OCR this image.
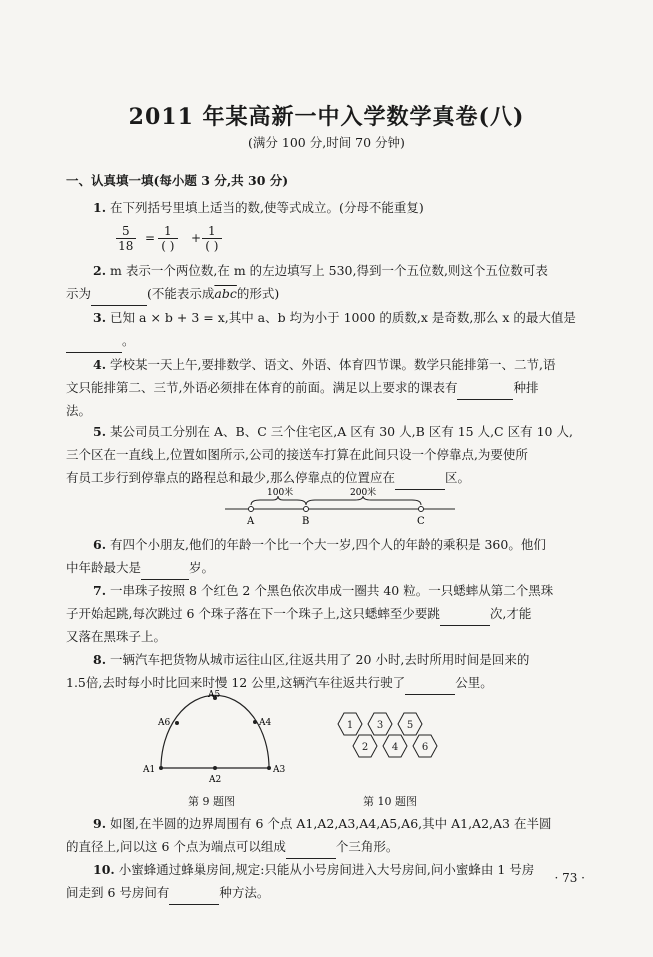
2011 年某高新一中入学数学真卷(八)
(满分 100 分,时间 70 分钟)
一、认真填一填(每小题 3 分,共 30 分)
1. 在下列括号里填上适当的数,使等式成立。(分母不能重复)
$\frac{5}{18} = 1$
( )
+ 1
( )
2. m 表示一个两位数,在 m 的左边填写上 530,得到一个五位数,则这个五位数可表
示为	(不能表示成$\overline{abc}$的形式)
3. 已知 a × b + 3 = x,其中 a、b 均为小于 1000 的质数,x 是奇数,那么 x 的最大值是
。
4. 学校某一天上午,要排数学、语文、外语、体育四节课。数学只能排第一、二节,语
文只能排第二、三节,外语必须排在体育的前面。满足以上要求的课表有	种排
法。
5. 某公司员工分别在 A、B、C 三个住宅区,A 区有 30 人,B 区有 15 人,C 区有 10 人,
三个区在一直线上,位置如图所示,公司的接送车打算在此间只设一个停靠点,为要使所
有员工步行到停靠点的路程总和最少,那么停靠点的位置应在	区。
100米	200米
A	B	C
6. 有四个小朋友,他们的年龄一个比一个大一岁,四个人的年龄的乘积是 360。他们
中年龄最大是	岁。
7. 一串珠子按照 8 个红色 2 个黑色依次串成一圈共 40 粒。一只蟋蟀从第二个黑珠
子开始起跳,每次跳过 6 个珠子落在下一个珠子上,这只蟋蟀至少要跳	次,才能
又落在黑珠子上。
8. 一辆汽车把货物从城市运往山区,往返共用了 20 小时,去时所用时间是回来的
1.5倍,去时每小时比回来时慢 12 公里,这辆汽车往返共行驶了	公里。
A1
A2
A3
A4
A5
A6
第 9 题图
1
2
3
4
5
6
第 10 题图
9. 如图,在半圆的边界周围有 6 个点 A1,A2,A3,A4,A5,A6,其中 A1,A2,A3 在半圆
的直径上,问以这 6 个点为端点可以组成	个三角形。
10. 小蜜蜂通过蜂巢房间,规定:只能从小号房间进入大号房间,问小蜜蜂由 1 号房
间走到 6 号房间有	种方法。
· 73 ·
